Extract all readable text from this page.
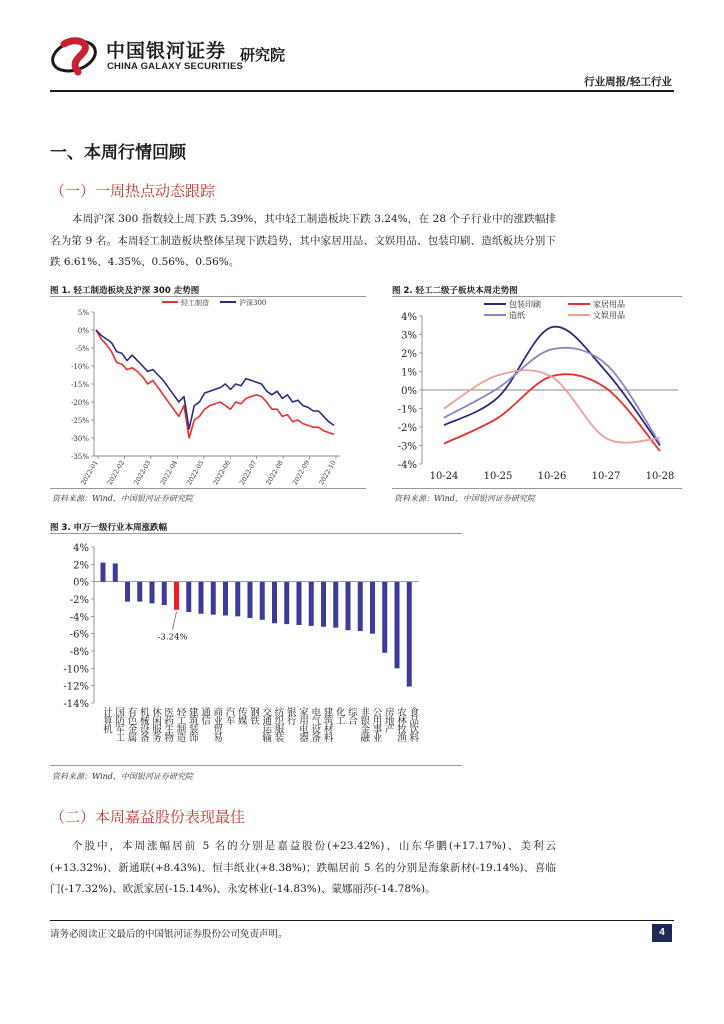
中国银河证券
CHINA GALAXY SECURITIES
研究院
行业周报/轻工行业
一、本周行情回顾
（一）一周热点动态跟踪
本周沪深 300 指数较上周下跌 5.39%，其中轻工制造板块下跌 3.24%，在 28 个子行业中的涨跌幅排名为第 9 名。本周轻工制造板块整体呈现下跌趋势，其中家居用品、文娱用品、包装印刷、造纸板块分别下跌 6.61%、4.35%、0.56%、0.56%。
图 1. 轻工制造板块及沪深 300 走势图
5%
0%
-5%
-10%
-15%
-20%
-25%
-30%
-35%
2022-01 2022-02 2022-03 2022-04 2022-05 2022-06 2022-07 2022-08 2022-09 2022-10
轻工制造	沪深300
资料来源：Wind，中国银河证券研究院
图 2. 轻工二级子板块本周走势图
4%
3%
2%
1%
0%
-1%
-2%
-3%
-4%
10-24	10-25	10-26	10-27	10-28
包装印刷	家居用品
造纸	文娱用品
资料来源：Wind，中国银河证券研究院
图 3. 申万一级行业本周涨跌幅
4%
2%
0%
-2%
-4%
-6%
-8%
-10%
-12%
-14%
计算机 国防军工 有色金属 机械设备 休闲服务 医药生物 轻工制造
-3.24%
建筑装饰 通信 商业贸易 汽车 传媒 钢铁 交通运输 纺织服装 银行 家用电器 电气设备 建筑材料 化工 综合 非银金融 公用事业 房地产 农林牧渔 食品饮料
资料来源：Wind，中国银河证券研究院
（二）本周嘉益股份表现最佳
个股中，本周涨幅居前 5 名的分别是嘉益股份(+23.42%)、山东华鹏(+17.17%)、美利云(+13.32%)、新通联(+8.43%)、恒丰纸业(+8.38%)；跌幅居前 5 名的分别是海象新材(-19.14%)、喜临门(-17.32%)、欧派家居(-15.14%)、永安林业(-14.83%)、蒙娜丽莎(-14.78%)。
请务必阅读正文最后的中国银河证券股份公司免责声明。	4
